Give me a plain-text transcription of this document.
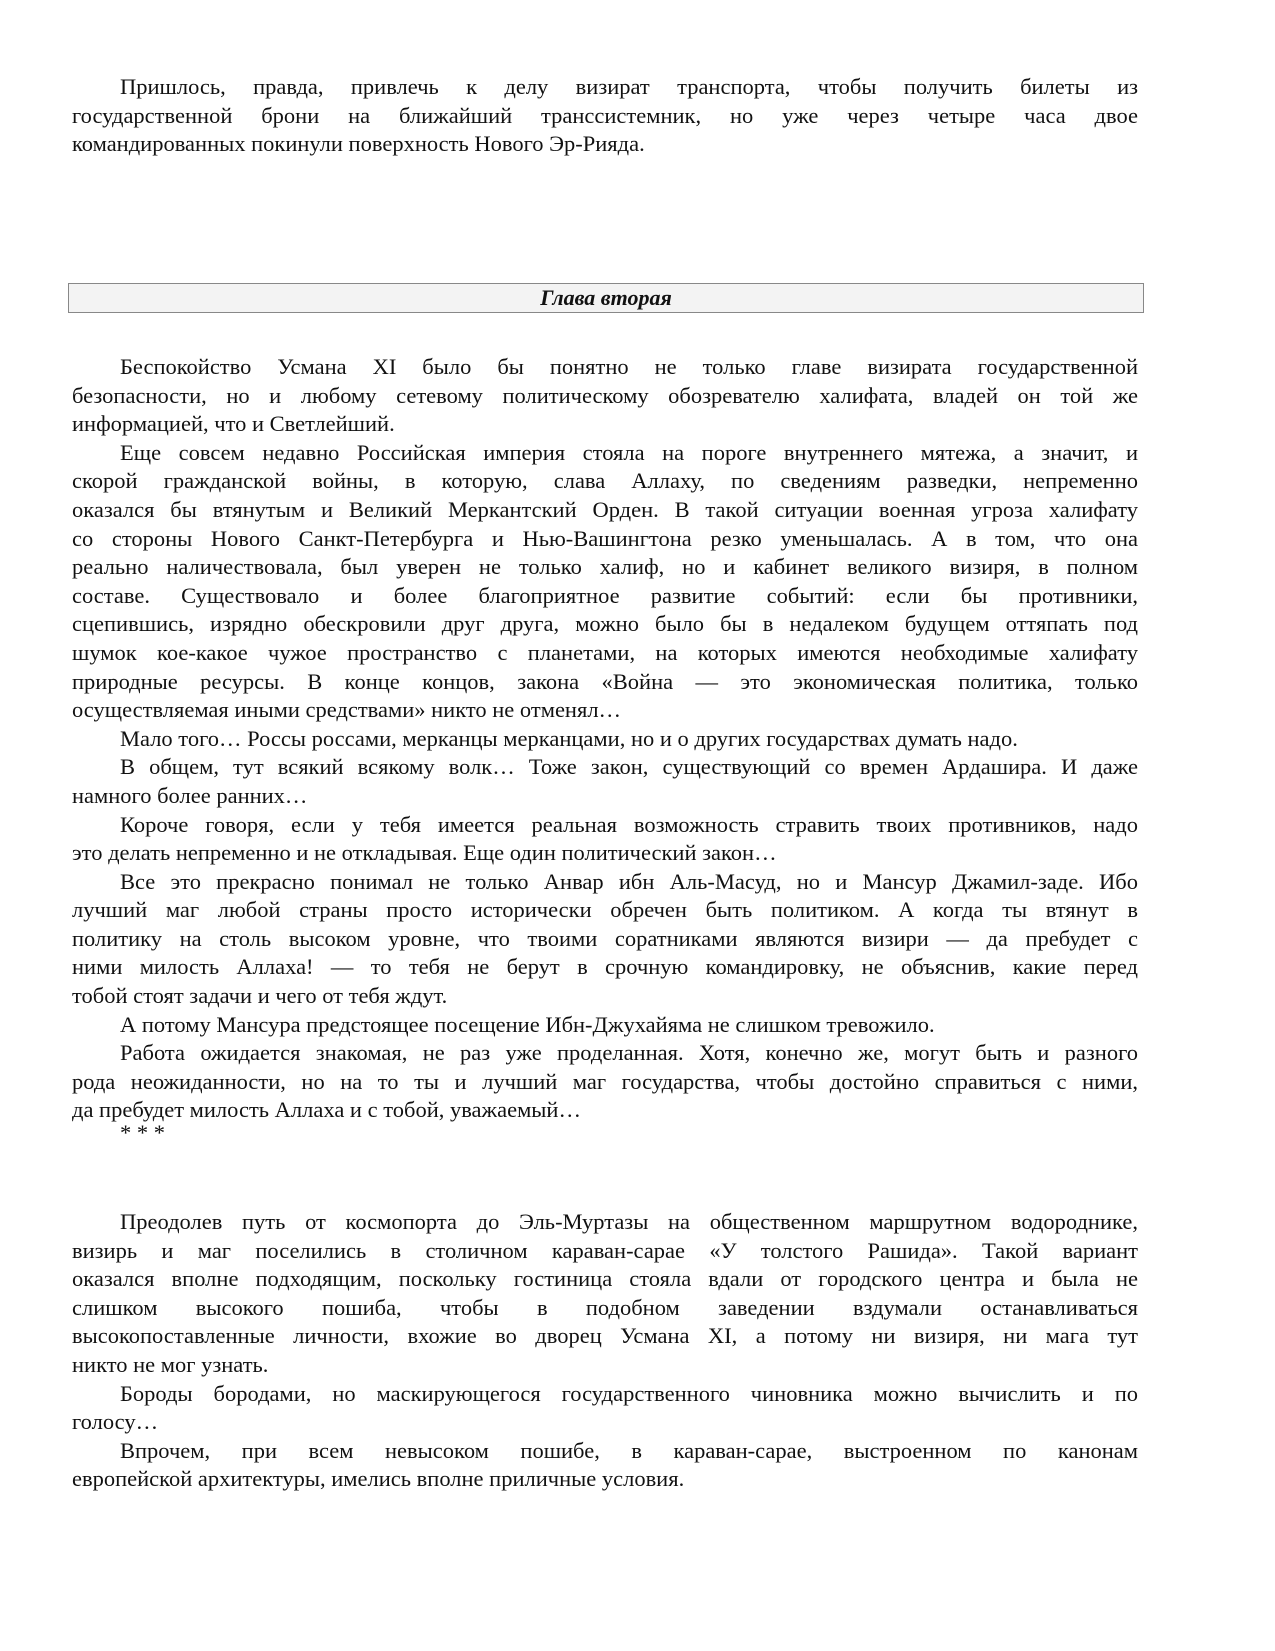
Пришлось, правда, привлечь к делу визират транспорта, чтобы получить билеты из
государственной брони на ближайший транссистемник, но уже через четыре часа двое
командированных покинули поверхность Нового Эр-Рияда.
Глава вторая
Беспокойство Усмана XI было бы понятно не только главе визирата государственной
безопасности, но и любому сетевому политическому обозревателю халифата, владей он той же
информацией, что и Светлейший.
Еще совсем недавно Российская империя стояла на пороге внутреннего мятежа, а значит, и
скорой гражданской войны, в которую, слава Аллаху, по сведениям разведки, непременно
оказался бы втянутым и Великий Меркантский Орден. В такой ситуации военная угроза халифату
со стороны Нового Санкт-Петербурга и Нью-Вашингтона резко уменьшалась. А в том, что она
реально наличествовала, был уверен не только халиф, но и кабинет великого визиря, в полном
составе. Существовало и более благоприятное развитие событий: если бы противники,
сцепившись, изрядно обескровили друг друга, можно было бы в недалеком будущем оттяпать под
шумок кое-какое чужое пространство с планетами, на которых имеются необходимые халифату
природные ресурсы. В конце концов, закона «Война — это экономическая политика, только
осуществляемая иными средствами» никто не отменял…
Мало того… Россы россами, мерканцы мерканцами, но и о других государствах думать надо.
В общем, тут всякий всякому волк… Тоже закон, существующий со времен Ардашира. И даже
намного более ранних…
Короче говоря, если у тебя имеется реальная возможность стравить твоих противников, надо
это делать непременно и не откладывая. Еще один политический закон…
Все это прекрасно понимал не только Анвар ибн Аль-Масуд, но и Мансур Джамил-заде. Ибо
лучший маг любой страны просто исторически обречен быть политиком. А когда ты втянут в
политику на столь высоком уровне, что твоими соратниками являются визири — да пребудет с
ними милость Аллаха! — то тебя не берут в срочную командировку, не объяснив, какие перед
тобой стоят задачи и чего от тебя ждут.
А потому Мансура предстоящее посещение Ибн-Джухайяма не слишком тревожило.
Работа ожидается знакомая, не раз уже проделанная. Хотя, конечно же, могут быть и разного
рода неожиданности, но на то ты и лучший маг государства, чтобы достойно справиться с ними,
да пребудет милость Аллаха и с тобой, уважаемый…
* * *
Преодолев путь от космопорта до Эль-Муртазы на общественном маршрутном водороднике,
визирь и маг поселились в столичном караван-сарае «У толстого Рашида». Такой вариант
оказался вполне подходящим, поскольку гостиница стояла вдали от городского центра и была не
слишком высокого пошиба, чтобы в подобном заведении вздумали останавливаться
высокопоставленные личности, вхожие во дворец Усмана XI, а потому ни визиря, ни мага тут
никто не мог узнать.
Бороды бородами, но маскирующегося государственного чиновника можно вычислить и по
голосу…
Впрочем, при всем невысоком пошибе, в караван-сарае, выстроенном по канонам
европейской архитектуры, имелись вполне приличные условия.
